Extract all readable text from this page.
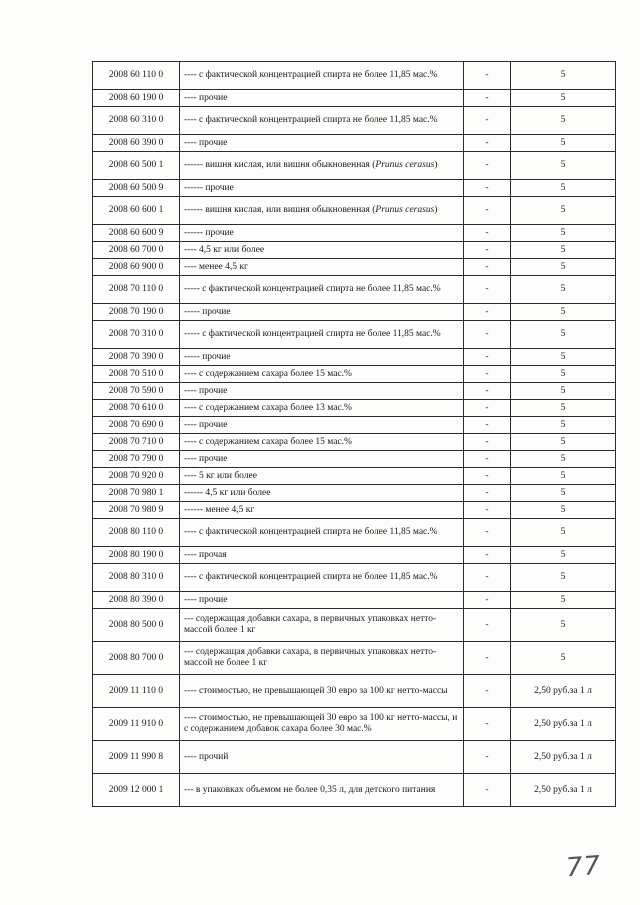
2008 60 110 0	---- с фактической концентрацией спирта не более 11,85 мас.%	-	5
2008 60 190 0	---- прочие	-	5
2008 60 310 0	---- с фактической концентрацией спирта не более 11,85 мас.%	-	5
2008 60 390 0	---- прочие	-	5
2008 60 500 1	------ вишня кислая, или вишня обыкновенная (Prunus cerasus)	-	5
2008 60 500 9	------ прочие	-	5
2008 60 600 1	------ вишня кислая, или вишня обыкновенная (Prunus cerasus)	-	5
2008 60 600 9	------ прочие	-	5
2008 60 700 0	---- 4,5 кг или более	-	5
2008 60 900 0	---- менее 4,5 кг	-	5
2008 70 110 0	----- с фактической концентрацией спирта не более 11,85 мас.%	-	5
2008 70 190 0	----- прочие	-	5
2008 70 310 0	----- с фактической концентрацией спирта не более 11,85 мас.%	-	5
2008 70 390 0	----- прочие	-	5
2008 70 510 0	---- с содержанием сахара более 15 мас.%	-	5
2008 70 590 0	---- прочие	-	5
2008 70 610 0	---- с содержанием сахара более 13 мас.%	-	5
2008 70 690 0	---- прочие	-	5
2008 70 710 0	---- с содержанием сахара более 15 мас.%	-	5
2008 70 790 0	---- прочие	-	5
2008 70 920 0	---- 5 кг или более	-	5
2008 70 980 1	------ 4,5 кг или более	-	5
2008 70 980 9	------ менее 4,5 кг	-	5
2008 80 110 0	---- с фактической концентрацией спирта не более 11,85 мас.%	-	5
2008 80 190 0	---- прочая	-	5
2008 80 310 0	---- с фактической концентрацией спирта не более 11,85 мас.%	-	5
2008 80 390 0	---- прочие	-	5
2008 80 500 0	--- содержащая добавки сахара, в первичных упаковках нетто-массой более 1 кг	-	5
2008 80 700 0	--- содержащая добавки сахара, в первичных упаковках нетто-массой не более 1 кг	-	5
2009 11 110 0	---- стоимостью, не превышающей 30 евро за 100 кг нетто-массы	-	2,50 руб.за 1 л
2009 11 910 0	---- стоимостью, не превышающей 30 евро за 100 кг нетто-массы, и с содержанием добавок сахара более 30 мас.%	-	2,50 руб.за 1 л
2009 11 990 8	---- прочий	-	2,50 руб.за 1 л
2009 12 000 1	--- в упаковках объемом не более 0,35 л, для детского питания	-	2,50 руб.за 1 л
77
